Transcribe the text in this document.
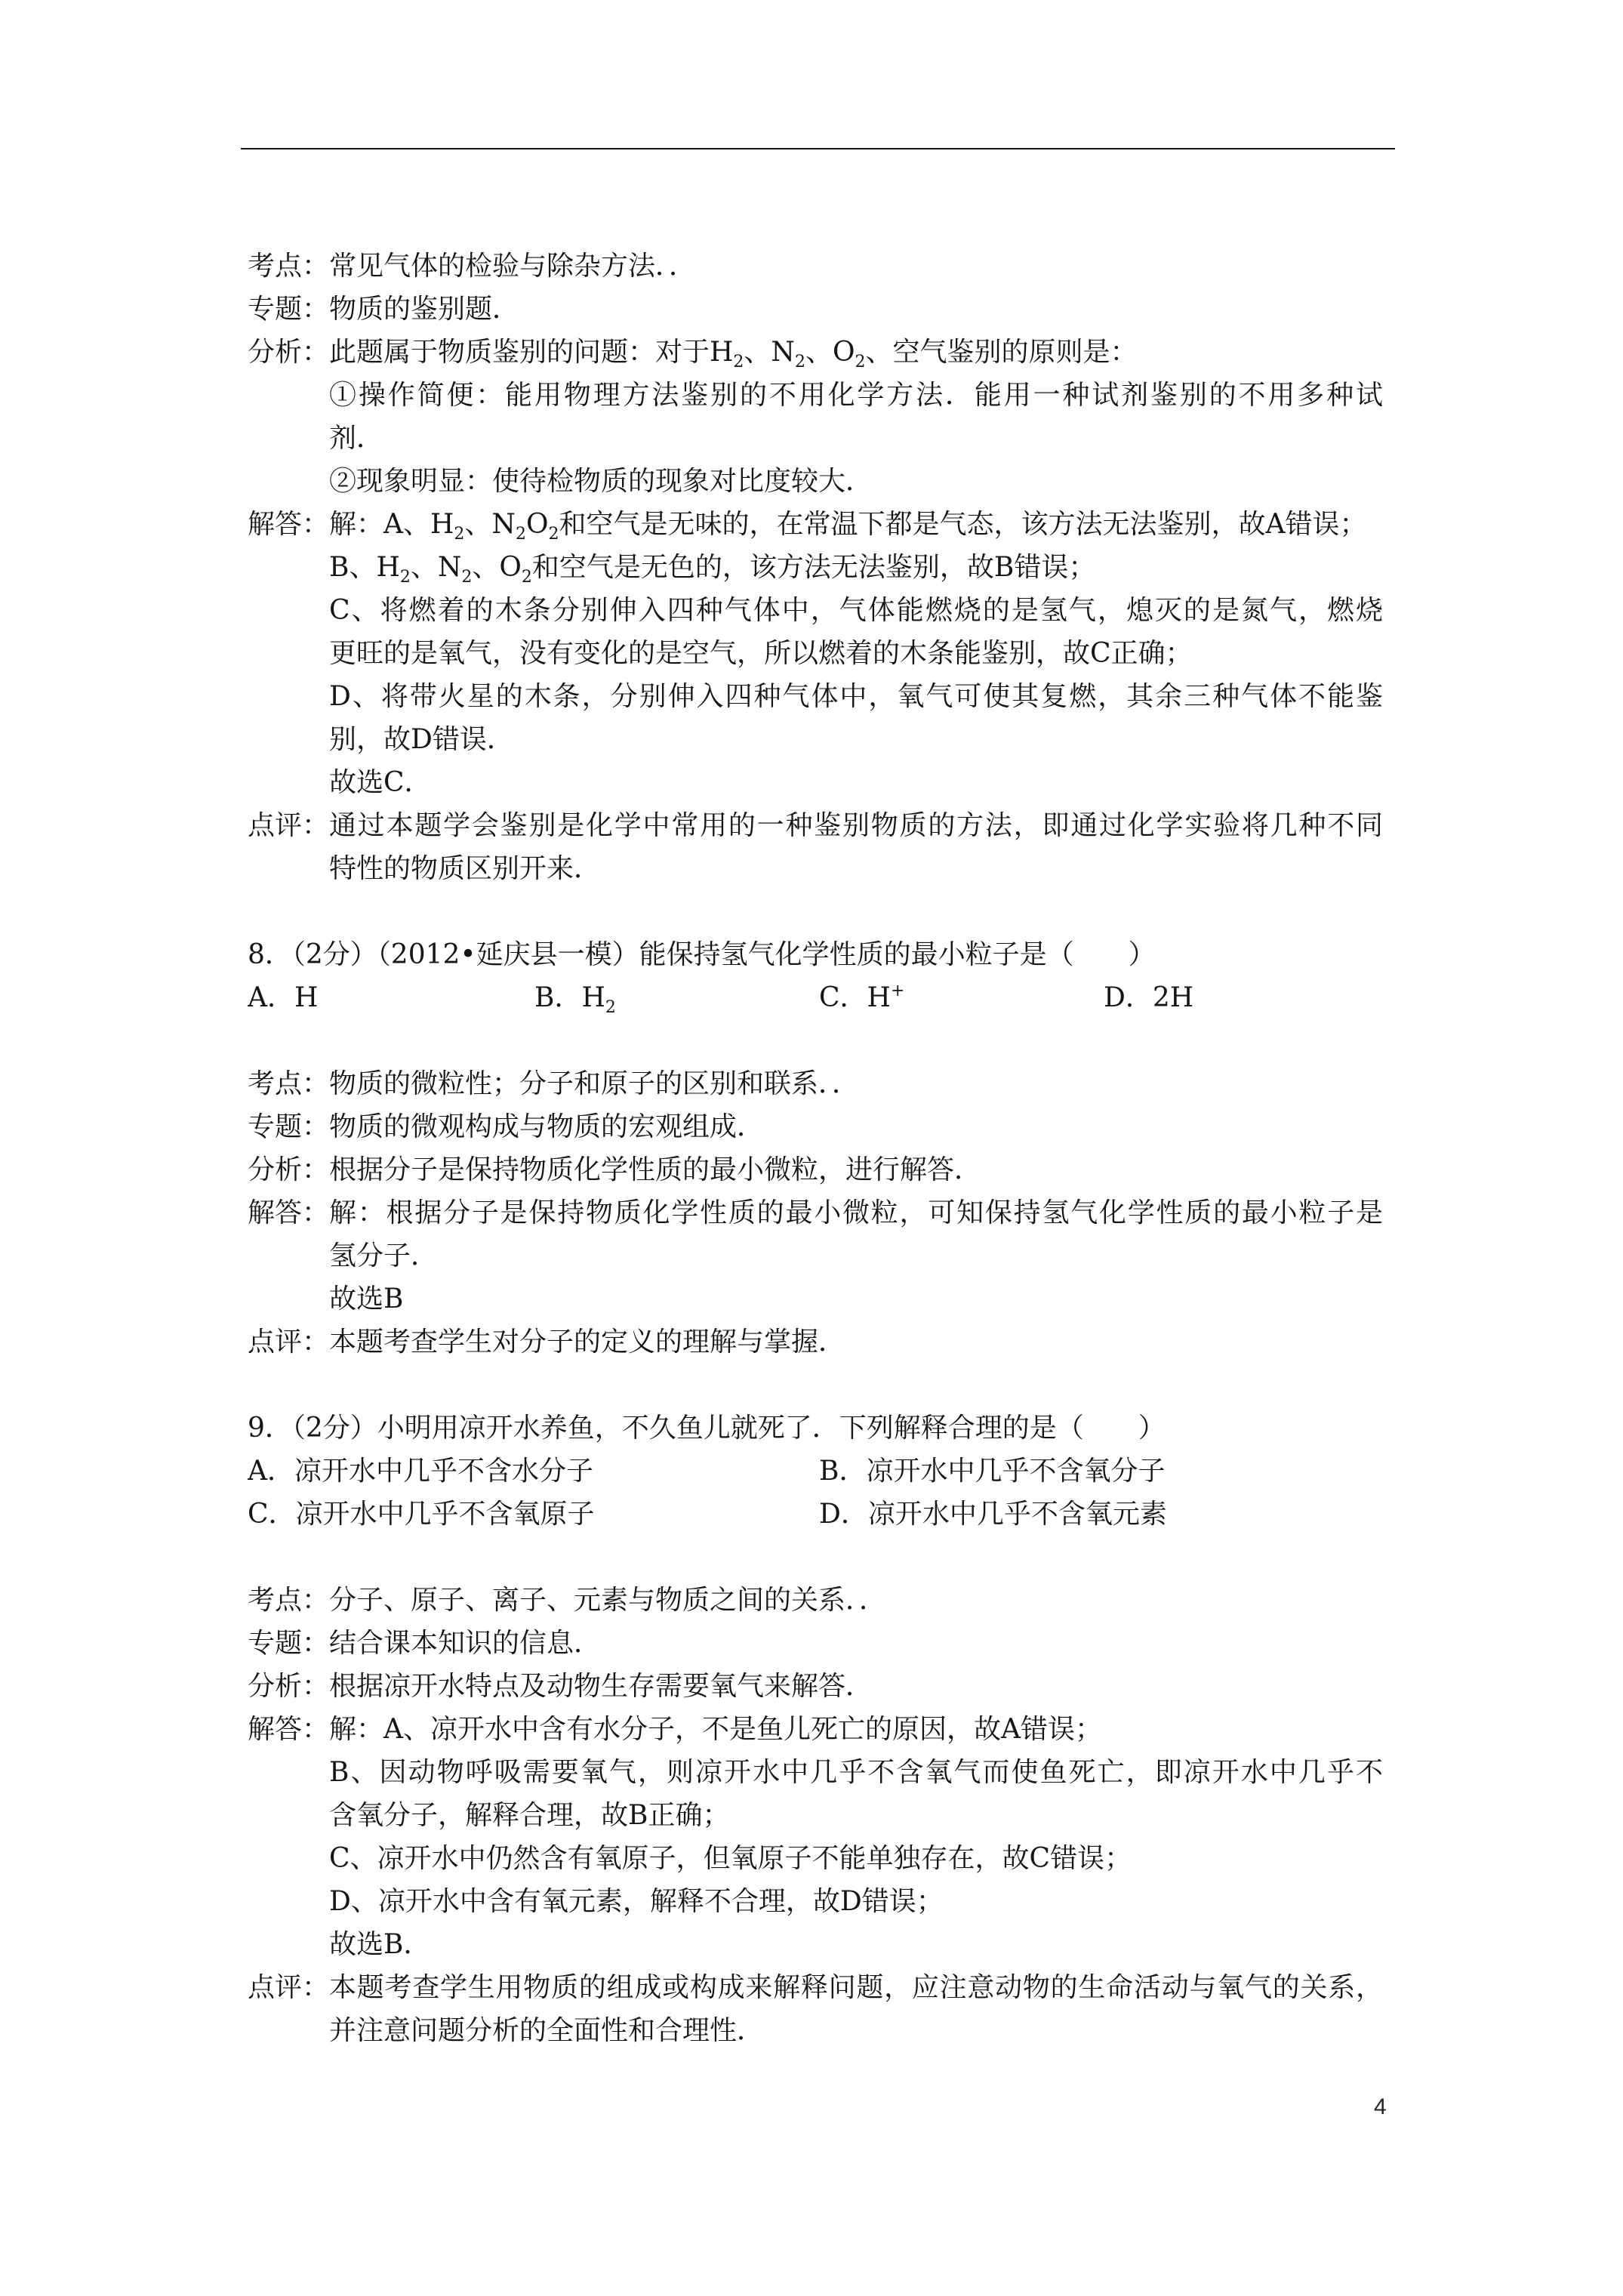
考点： 常见气体的检验与除杂方法．．
专题： 物质的鉴别题．
分析： 此题属于物质鉴别的问题：对于$H_2$、$N_2$、$O_2$、空气鉴别的原则是：
①操作简便：能用物理方法鉴别的不用化学方法．能用一种试剂鉴别的不用多种试
剂．
②现象明显：使待检物质的现象对比度较大．
解答： 解：A、$H_2$、$N_2O_2$和空气是无味的，在常温下都是气态，该方法无法鉴别，故A错误；
B、$H_2$、$N_2$、$O_2$和空气是无色的，该方法无法鉴别，故B错误；
C、将燃着的木条分别伸入四种气体中，气体能燃烧的是氢气，熄灭的是氮气，燃烧
更旺的是氧气，没有变化的是空气，所以燃着的木条能鉴别，故C正确；
D、将带火星的木条，分别伸入四种气体中，氧气可使其复燃，其余三种气体不能鉴
别，故D错误．
故选C．
点评： 通过本题学会鉴别是化学中常用的一种鉴别物质的方法，即通过化学实验将几种不同
特性的物质区别开来．
8．（2分）（2012•延庆县一模）能保持氢气化学性质的最小粒子是（　　）
A．H	B．$H_2$	C．H+	D．2H
考点： 物质的微粒性；分子和原子的区别和联系．．
专题： 物质的微观构成与物质的宏观组成．
分析： 根据分子是保持物质化学性质的最小微粒，进行解答．
解答： 解：根据分子是保持物质化学性质的最小微粒，可知保持氢气化学性质的最小粒子是
氢分子．
故选B
点评： 本题考查学生对分子的定义的理解与掌握．
9．（2分）小明用凉开水养鱼，不久鱼儿就死了．下列解释合理的是（　　）
A．凉开水中几乎不含水分子	B．凉开水中几乎不含氧分子
C．凉开水中几乎不含氧原子	D．凉开水中几乎不含氧元素
考点： 分子、原子、离子、元素与物质之间的关系．．
专题： 结合课本知识的信息．
分析： 根据凉开水特点及动物生存需要氧气来解答．
解答： 解：A、凉开水中含有水分子，不是鱼儿死亡的原因，故A错误；
B、因动物呼吸需要氧气，则凉开水中几乎不含氧气而使鱼死亡，即凉开水中几乎不
含氧分子，解释合理，故B正确；
C、凉开水中仍然含有氧原子，但氧原子不能单独存在，故C错误；
D、凉开水中含有氧元素，解释不合理，故D错误；
故选B．
点评： 本题考查学生用物质的组成或构成来解释问题，应注意动物的生命活动与氧气的关系，
并注意问题分析的全面性和合理性．
4
